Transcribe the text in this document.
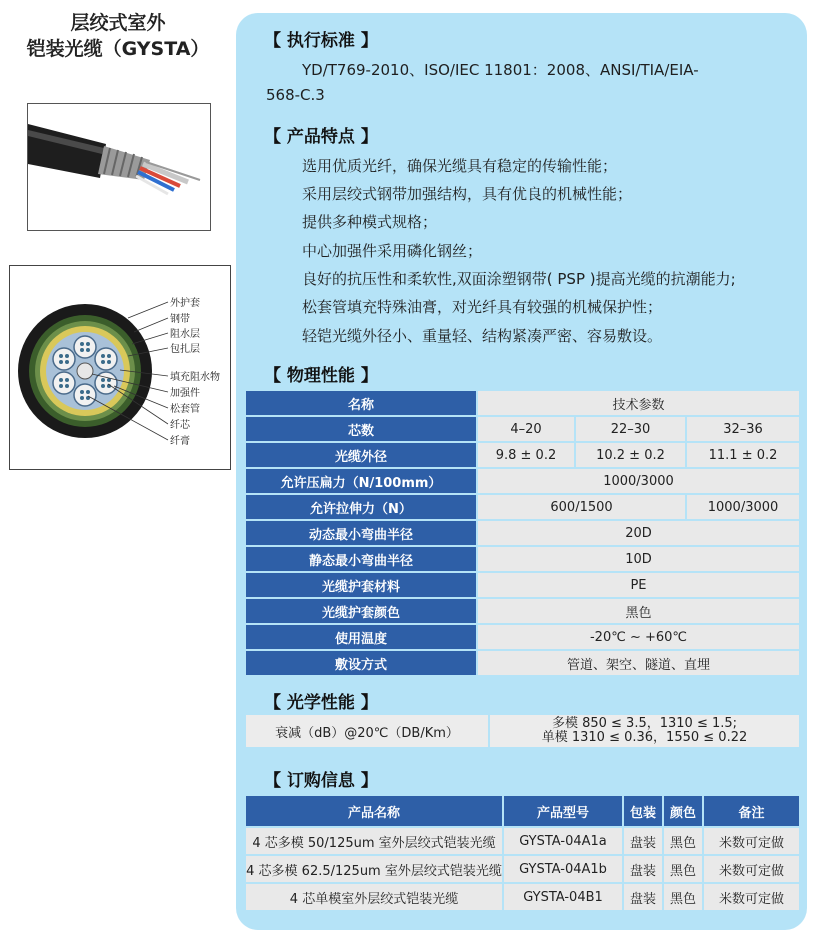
层绞式室外
铠装光缆（GYSTA）
外护套
钢带
阻水层
包扎层
填充阻水物
加强件
松套管
纤芯
纤膏
【 执行标准 】
YD/T769-2010、ISO/IEC 11801：2008、ANSI/TIA/EIA-
568-C.3
【 产品特点 】
选用优质光纤，确保光缆具有稳定的传输性能；
采用层绞式钢带加强结构，具有优良的机械性能；
提供多种模式规格；
中心加强件采用磷化钢丝；
良好的抗压性和柔软性,双面涂塑钢带( PSP )提高光缆的抗潮能力;
松套管填充特殊油膏，对光纤具有较强的机械保护性；
轻铠光缆外径小、重量轻、结构紧凑严密、容易敷设。
【 物理性能 】
名称	技术参数		
芯数	4–20	22–30	32–36
光缆外径	9.8 ± 0.2	10.2 ± 0.2	11.1 ± 0.2
允许压扁力（N/100mm）	1000/3000		
允许拉伸力（N）	600/1500		1000/3000
动态最小弯曲半径	20D		
静态最小弯曲半径	10D		
光缆护套材料	PE		
光缆护套颜色	黑色		
使用温度	-20℃ ~ +60℃		
敷设方式	管道、架空、隧道、直埋		
【 光学性能 】
衰减（dB）@20℃（DB/Km）	
多模 850 ≤ 3.5，1310 ≤ 1.5;
单模 1310 ≤ 0.36，1550 ≤ 0.22
【 订购信息 】
产品名称	产品型号	包装	颜色	备注
4 芯多模 50/125um 室外层绞式铠装光缆	GYSTA-04A1a	盘装	黑色	米数可定做
4 芯多模 62.5/125um 室外层绞式铠装光缆	GYSTA-04A1b	盘装	黑色	米数可定做
4 芯单模室外层绞式铠装光缆	GYSTA-04B1	盘装	黑色	米数可定做
